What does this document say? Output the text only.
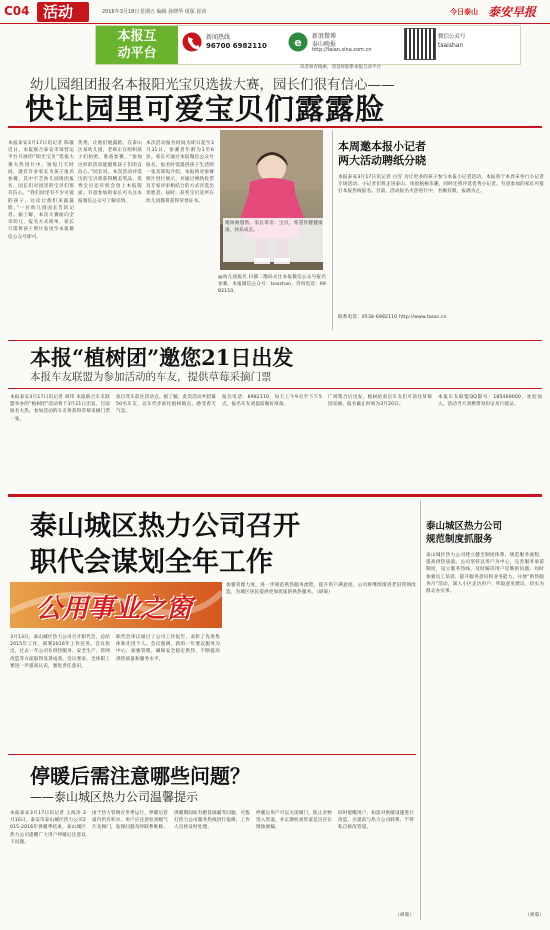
C04 活动	2016年3月18日 星期五 编辑 孙晓华 组版 崔涛	今日泰山 泰安早报
本报互
动平台
新闻热线
96700 6982110 e 新浪微博
泰山晚报
http://taian.sina.com.cn
微信公众号
tsaishan
读者如有线索，请及时联系本报互动平台
幼儿园组团报名本报阳光宝贝选拔大赛，园长们很有信心——
快让园里可爱宝贝们露露脸
本报泰安3月17日讯记者 陈敏 近日，本报联合泰安市场营运平台开展的“阳光宝贝”选拔大赛火热进行中，短短几天时间，就有许多家长为孩子报名参赛，其中不乏幼儿园组团报名，园长们对园里的宝贝们很有信心。“我们园里有不少可爱的孩子，这次让他们来露露脸。”一位幼儿园园长告诉记者。据了解，本次大赛面向全市幼儿，报名方式简单，家长只需将孩子照片发送至本报微信公众号即可。
优秀，让他们展露脸。在泰山区某幼儿园，老师正在组织孩子们拍照，准备参赛。“参加这样的活动能锻炼孩子们的自信心。”园长说。本次活动评选出的宝贝将获得精美奖品，优秀宝贝还有机会登上本报版面。有意参加的家长可关注本报微信公众号了解详情。
本次活动报名时间为即日起至3月31日，参赛者年龄为1至6岁。家长可通过本报微信公众号报名，报名时需提供孩子生活照一张及简短介绍。本报将对参赛照片进行展示，并通过网络投票及专家评审相结合的方式评选出优胜者。届时，获奖宝贝及所在幼儿园都将获得荣誉证书。
她叫曲悠然，家长寄语：宝贝，希望你健健康康，快乐成长。
@幼儿园报名 扫描二维码关注本报微信公众号报名参赛。本报微信公众号：tsaishan。咨询电话：6982110。
本周邀本报小记者
两大活动聘纸分晓
本报泰安3月17日讯记者 白雪 为让更多的孩子参与本报小记者活动，本报将于本周末举行小记者专场活动。小记者们将走进泰山，体验植树乐趣，同时还将评选优秀小记者。有意参加的家长可拨打本报热线报名。目前，活动报名火热进行中，名额有限，报满为止。
联系电话：0538-6982110 http://www.taian.cn
本报“植树团”邀您21日出发
本报车友联盟为参加活动的车友，提供草莓采摘门票
本报泰安3月17日讯记者 胡伟 本报联合车友联盟举办的“植树团”活动将于3月21日出发，目前报名火热。参加活动的车友将获得草莓采摘门票一张。
张自驾车前往活动点。据了解，此次活动共招募50名车友，以车代步前往植树地点，感受春天气息。
报名电话：6982110，每天上午9点至下午5点。报名车友请提前做好准备。
广场集合后出发，植树结束后车友们可前往草莓园采摘。报名截止时间为3月20日。
本报车友联盟QQ群号：185469000，欢迎加入。活动当天请携带身份证及行驶证。
泰山城区热力公司召开
职代会谋划全年工作
公用事业之窗
3月13日，泰山城区热力公司召开职代会，总结2015年工作，部署2016年工作任务。会议指出，过去一年公司在供热服务、安全生产、管网改造等方面取得显著成效。会议要求，全体职工要进一步提高认识，强化责任意识。
职代会审议通过了公司工作报告，表彰了先进集体和先进个人。会议强调，新的一年要以服务为中心，加强管理，确保安全稳定供热，不断提高供热质量和服务水平。
加强管理力度，进一步规范供热服务流程，提升用户满意度。公司将继续推进老旧管网改造，为城区居民提供更加优质的供热服务。（胡菊）
泰山城区热力公司
规范制度抓服务
泰山城区热力公司建立健全制度体系，规范服务流程，提高供热质量。公司坚持以用户为中心，完善服务承诺制度，设立服务热线，及时解决用户反映的问题。同时加强员工培训，提升服务意识和业务能力，开展“供热服务月”活动，深入小区走访用户，听取意见建议，切实为群众办实事。
（胡菊）
停暖后需注意哪些问题？
——泰山城区热力公司温馨提示
本报泰安3月17日讯记者 王海涛 3月16日，泰安市泰山城区热力公司2015-2016年供暖季结束，泰山城区热力公司提醒广大用户停暖后注意以下问题。
由于热力管网在冬季运行，停暖后管道内仍有积水，用户应注意检查暖气片及阀门，发现问题及时联系维修。
供暖期间如有跑冒滴漏等问题，可拨打热力公司服务热线进行报修，工作人员将及时处理。
停暖后用户可以关闭阀门，防止杂物进入管道，并定期检查管道是否存在锈蚀渗漏。
同时提醒用户，如需对供暖设施进行改造，应提前与热力公司联系，不得私自拆改管道。
（胡菊）
